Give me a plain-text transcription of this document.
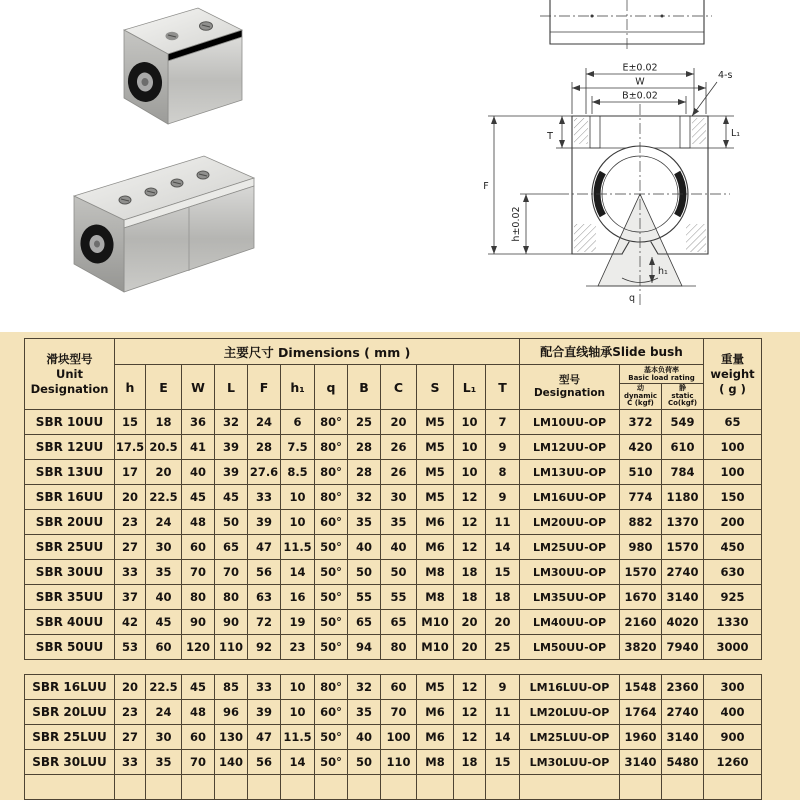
E±0.02
W
B±0.02
4-s
T
F
h±0.02
L₁
h₁
q
滑块型号
Unit
Designation
	主要尺寸 Dimensions ( mm )	配合直线轴承Slide bush	重量
weight
( g )

h	E	W	L	F	h₁	q	B	C	S	L₁	T	型号
Designation

基本负荷率
Basic load rating
动
dynamic
C (kgf)
静
static
Co(kgf)

SBR 10UU	15	18	36	32	24	6	80°	25	20	M5	10	7	LM10UU-OP	372	549	65
SBR 12UU	17.5	20.5	41	39	28	7.5	80°	28	26	M5	10	9	LM12UU-OP	420	610	100
SBR 13UU	17	20	40	39	27.6	8.5	80°	28	26	M5	10	8	LM13UU-OP	510	784	100
SBR 16UU	20	22.5	45	45	33	10	80°	32	30	M5	12	9	LM16UU-OP	774	1180	150
SBR 20UU	23	24	48	50	39	10	60°	35	35	M6	12	11	LM20UU-OP	882	1370	200
SBR 25UU	27	30	60	65	47	11.5	50°	40	40	M6	12	14	LM25UU-OP	980	1570	450
SBR 30UU	33	35	70	70	56	14	50°	50	50	M8	18	15	LM30UU-OP	1570	2740	630
SBR 35UU	37	40	80	80	63	16	50°	55	55	M8	18	18	LM35UU-OP	1670	3140	925
SBR 40UU	42	45	90	90	72	19	50°	65	65	M10	20	20	LM40UU-OP	2160	4020	1330
SBR 50UU	53	60	120	110	92	23	50°	94	80	M10	20	25	LM50UU-OP	3820	7940	3000
SBR 16LUU	20	22.5	45	85	33	10	80°	32	60	M5	12	9	LM16LUU-OP	1548	2360	300
SBR 20LUU	23	24	48	96	39	10	60°	35	70	M6	12	11	LM20LUU-OP	1764	2740	400
SBR 25LUU	27	30	60	130	47	11.5	50°	40	100	M6	12	14	LM25LUU-OP	1960	3140	900
SBR 30LUU	33	35	70	140	56	14	50°	50	110	M8	18	15	LM30LUU-OP	3140	5480	1260
